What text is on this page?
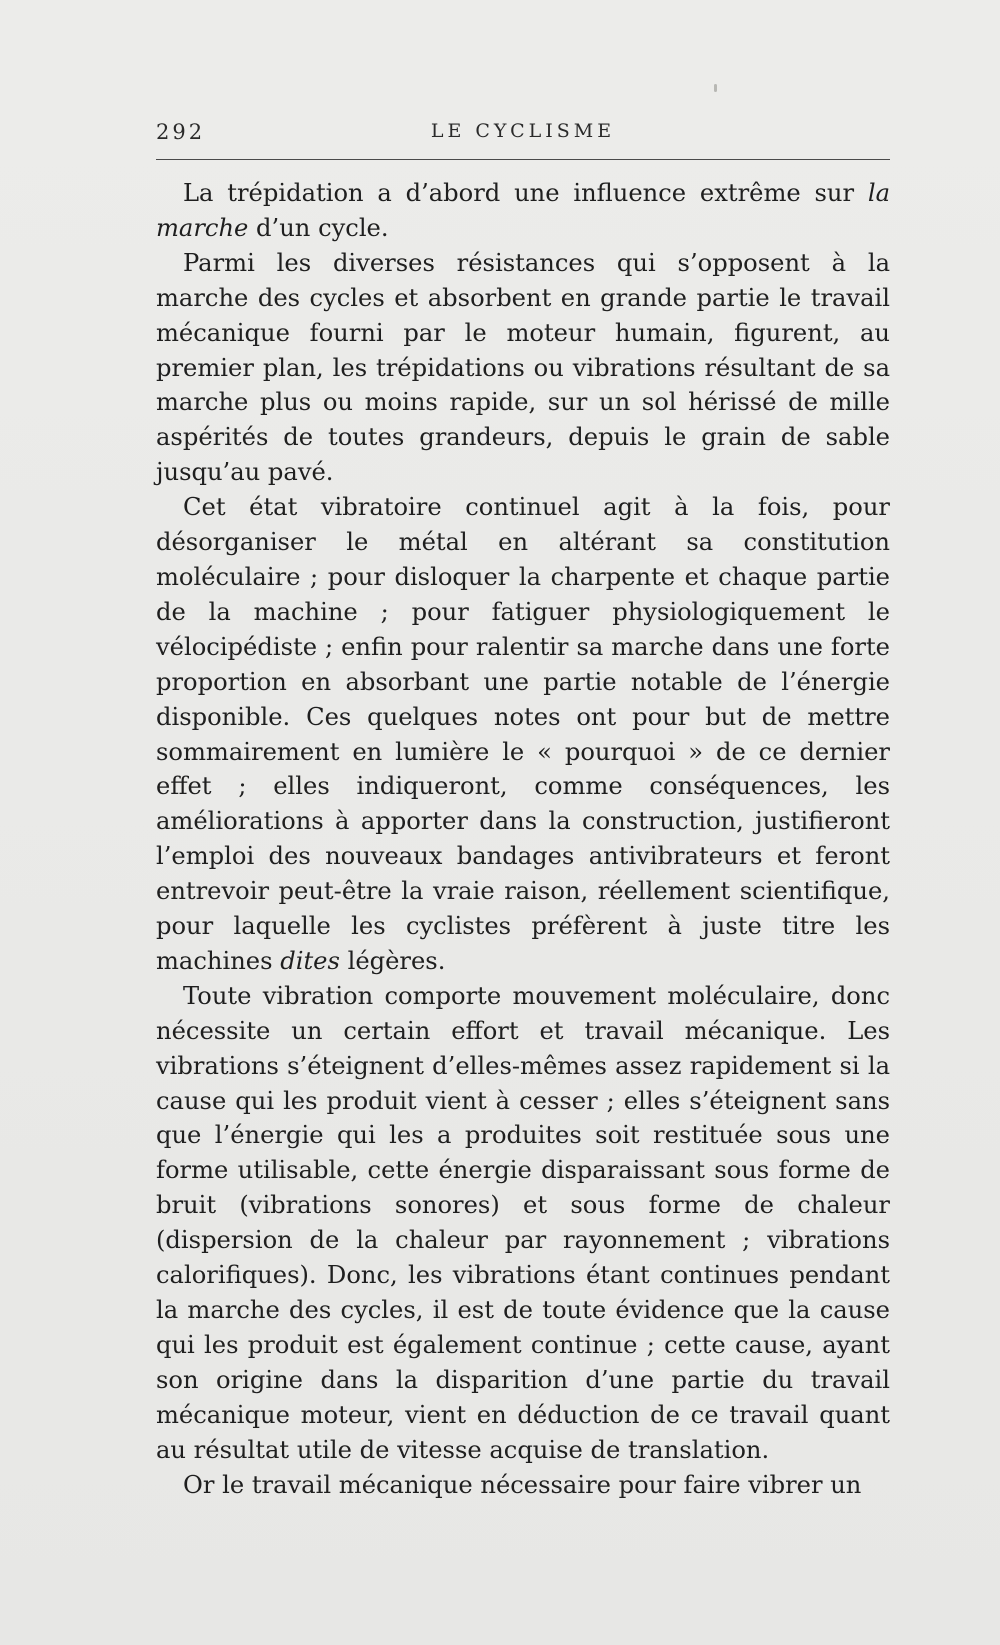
292	LE CYCLISME

La trépidation a d’abord une influence extrême sur la marche d’un cycle.

Parmi les diverses résistances qui s’opposent à la marche des cycles et absorbent en grande partie le travail mécanique fourni par le moteur humain, figurent, au premier plan, les trépidations ou vibrations résultant de sa marche plus ou moins rapide, sur un sol hérissé de mille aspérités de toutes grandeurs, depuis le grain de sable jusqu’au pavé.

Cet état vibratoire continuel agit à la fois, pour désorganiser le métal en altérant sa constitution moléculaire ; pour disloquer la charpente et chaque partie de la machine ; pour fatiguer physiologiquement le vélocipédiste ; enfin pour ralentir sa marche dans une forte proportion en absorbant une partie notable de l’énergie disponible. Ces quelques notes ont pour but de mettre sommairement en lumière le « pourquoi » de ce dernier effet ; elles indiqueront, comme conséquences, les améliorations à apporter dans la construction, justifieront l’emploi des nouveaux bandages antivibrateurs et feront entrevoir peut-être la vraie raison, réellement scientifique, pour laquelle les cyclistes préfèrent à juste titre les machines dites légères.

Toute vibration comporte mouvement moléculaire, donc nécessite un certain effort et travail mécanique. Les vibrations s’éteignent d’elles-mêmes assez rapidement si la cause qui les produit vient à cesser ; elles s’éteignent sans que l’énergie qui les a produites soit restituée sous une forme utilisable, cette énergie disparaissant sous forme de bruit (vibrations sonores) et sous forme de chaleur (dispersion de la chaleur par rayonnement ; vibrations calorifiques). Donc, les vibrations étant continues pendant la marche des cycles, il est de toute évidence que la cause qui les produit est également continue ; cette cause, ayant son origine dans la disparition d’une partie du travail mécanique moteur, vient en déduction de ce travail quant au résultat utile de vitesse acquise de translation.

Or le travail mécanique nécessaire pour faire vibrer un
